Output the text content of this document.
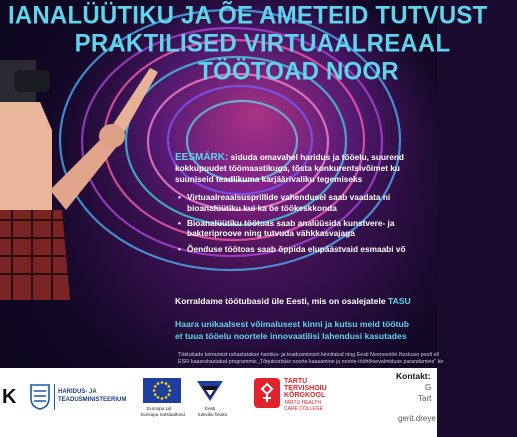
IANALÜÜTIKU JA ÕE AMETEID TUTVUST
PRAKTILISED VIRTUAALREAAL
TÖÖTOAD NOOR
EESMÄRK: siduda omavahel haridus ja tööelu, suurend kokkupuudet töömaastikuga, tõsta konkurentsivõimet ku suuniseid teadlikuma karjäärivaliku tegemiseks
• Virtuaalreaalsusprillide vahendusel saab vaadata ni bioanalüütiku kui ka õe töökeskkonda
• Bioanalüütiku töötoas saab analüüsida kunstvere- ja bakteriproove ning tutvuda vähkkasvajaga
• Õenduse töötoas saab õppida elupäästvaid esmaabi võ
Korraldame töötubasid üle Eesti, mis on osalejatele TASU
Haara unikaalsest võimalusest kinni ja kutsu meid töötub
et tuua tööelu noortele innovaatilisi lahendusi kasutades
Töötubade toimumist rahastatakse haridus- ja teadusministri kinnitatud ning Eesti Noorsootöö Keskuse poolt ell
ESFi kaasrahastatud programmis „Tõrjutusriskis noorte kaasamine ja noorte tööhõivevalmiduse parandamine" kir
K	HARIDUS- JA
TEADUSMINISTEERIUM
Euroopa Liit
Euroopa Sotsiaalfond
Eesti
tuleviku heaks
TARTU
TERVISHOIU
KÕRGKOOL
TARTU HEALTH
CARE COLLEGE
Kontakt:
G
Tart
gerit.dreye
